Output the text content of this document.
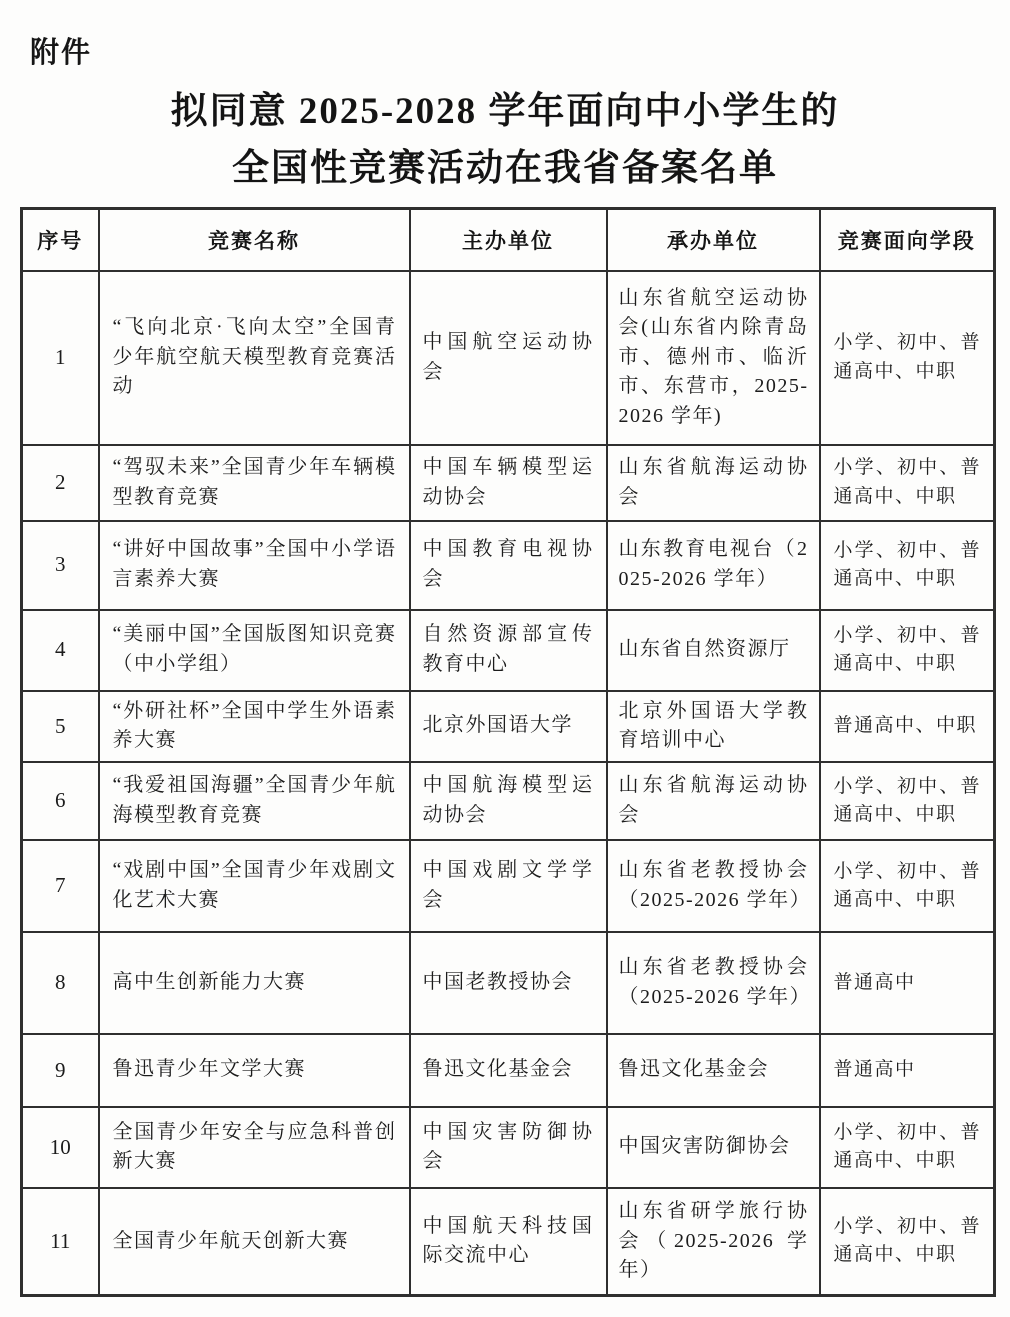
附件
拟同意 2025-2028 学年面向中小学生的
全国性竞赛活动在我省备案名单
序号	竞赛名称	主办单位	承办单位	竞赛面向学段
1	“飞向北京·飞向太空”全国青少年航空航天模型教育竞赛活动	中国航空运动协会	山东省航空运动协会(山东省内除青岛市、德州市、临沂市、东营市，2025-2026 学年)	小学、初中、普通高中、中职
2	“驾驭未来”全国青少年车辆模型教育竞赛	中国车辆模型运动协会	山东省航海运动协会	小学、初中、普通高中、中职
3	“讲好中国故事”全国中小学语言素养大赛	中国教育电视协会	山东教育电视台（2025-2026 学年）	小学、初中、普通高中、中职
4	“美丽中国”全国版图知识竞赛（中小学组）	自然资源部宣传教育中心	山东省自然资源厅	小学、初中、普通高中、中职
5	“外研社杯”全国中学生外语素养大赛	北京外国语大学	北京外国语大学教育培训中心	普通高中、中职
6	“我爱祖国海疆”全国青少年航海模型教育竞赛	中国航海模型运动协会	山东省航海运动协会	小学、初中、普通高中、中职
7	“戏剧中国”全国青少年戏剧文化艺术大赛	中国戏剧文学学会	山东省老教授协会（2025-2026 学年）	小学、初中、普通高中、中职
8	高中生创新能力大赛	中国老教授协会	山东省老教授协会（2025-2026 学年）	普通高中
9	鲁迅青少年文学大赛	鲁迅文化基金会	鲁迅文化基金会	普通高中
10	全国青少年安全与应急科普创新大赛	中国灾害防御协会	中国灾害防御协会	小学、初中、普通高中、中职
11	全国青少年航天创新大赛	中国航天科技国际交流中心	山东省研学旅行协会（2025-2026 学年）	小学、初中、普通高中、中职
